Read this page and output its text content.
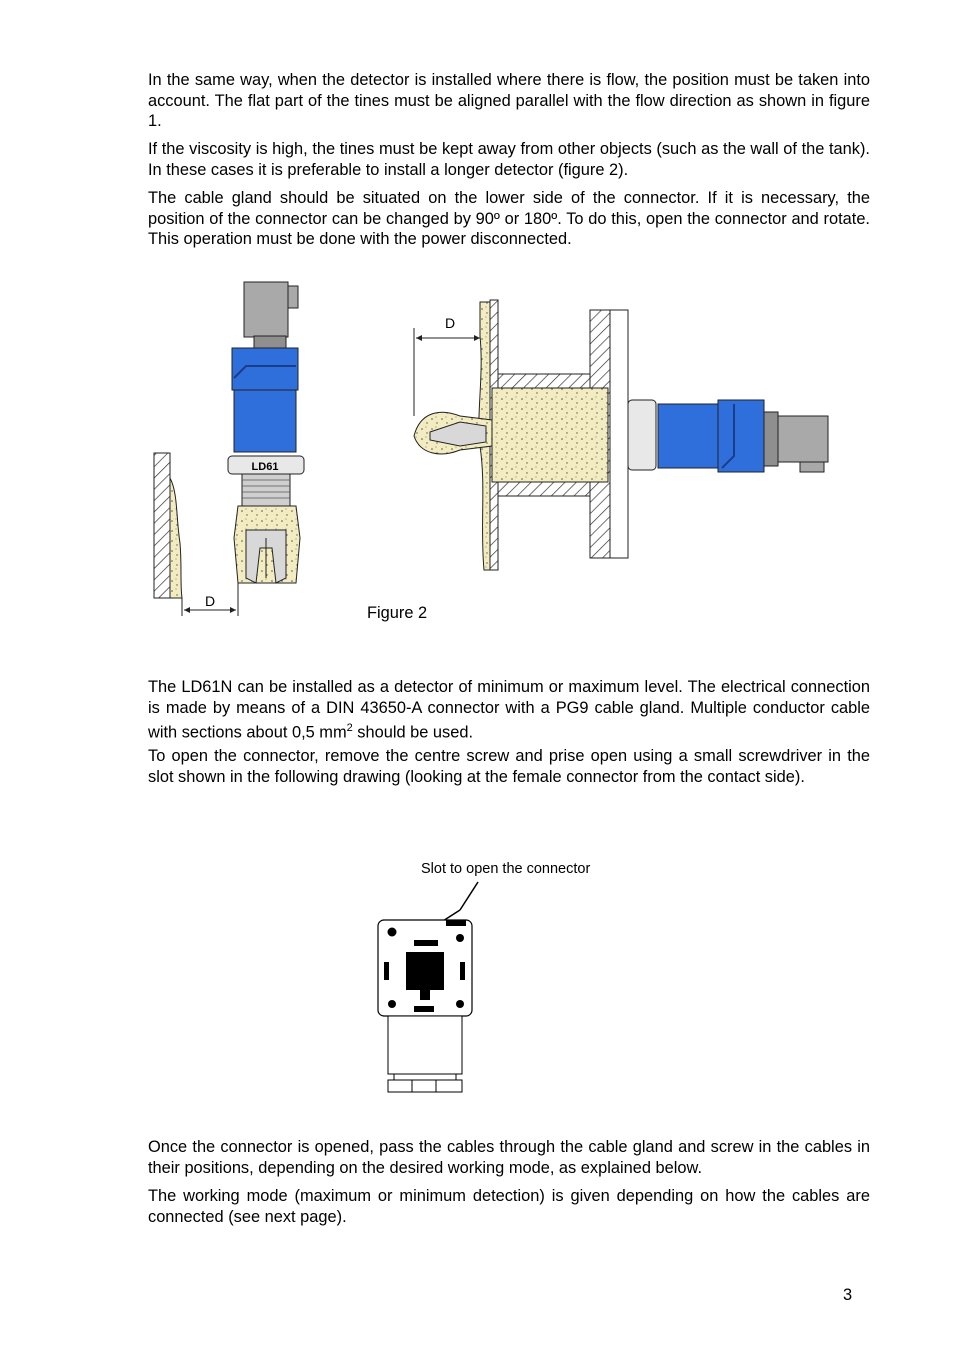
In the same way, when the detector is installed where there is flow, the position must be taken into account. The flat part of the tines must be aligned parallel with the flow direction as shown in figure 1.

If the viscosity is high, the tines must be kept away from other objects (such as the wall of the tank). In these cases it is preferable to install a longer detector (figure 2).

The cable gland should be situated on the lower side of the connector. If it is necessary, the position of the connector can be changed by 90º or 180º. To do this, open the connector and rotate. This operation must be done with the power disconnected.

LD61
D
D
Figure 2

The LD61N can be installed as a detector of minimum or maximum level. The electrical connection is made by means of a DIN 43650-A connector with a PG9 cable gland. Multiple conductor cable with sections about 0,5 $mm^2$ should be used.

To open the connector, remove the centre screw and prise open using a small screwdriver in the slot shown in the following drawing (looking at the female connector from the contact side).

Slot to open the connector

Once the connector is opened, pass the cables through the cable gland and screw in the cables in their positions, depending on the desired working mode, as explained below.

The working mode (maximum or minimum detection) is given depending on how the cables are connected (see next page).

3
